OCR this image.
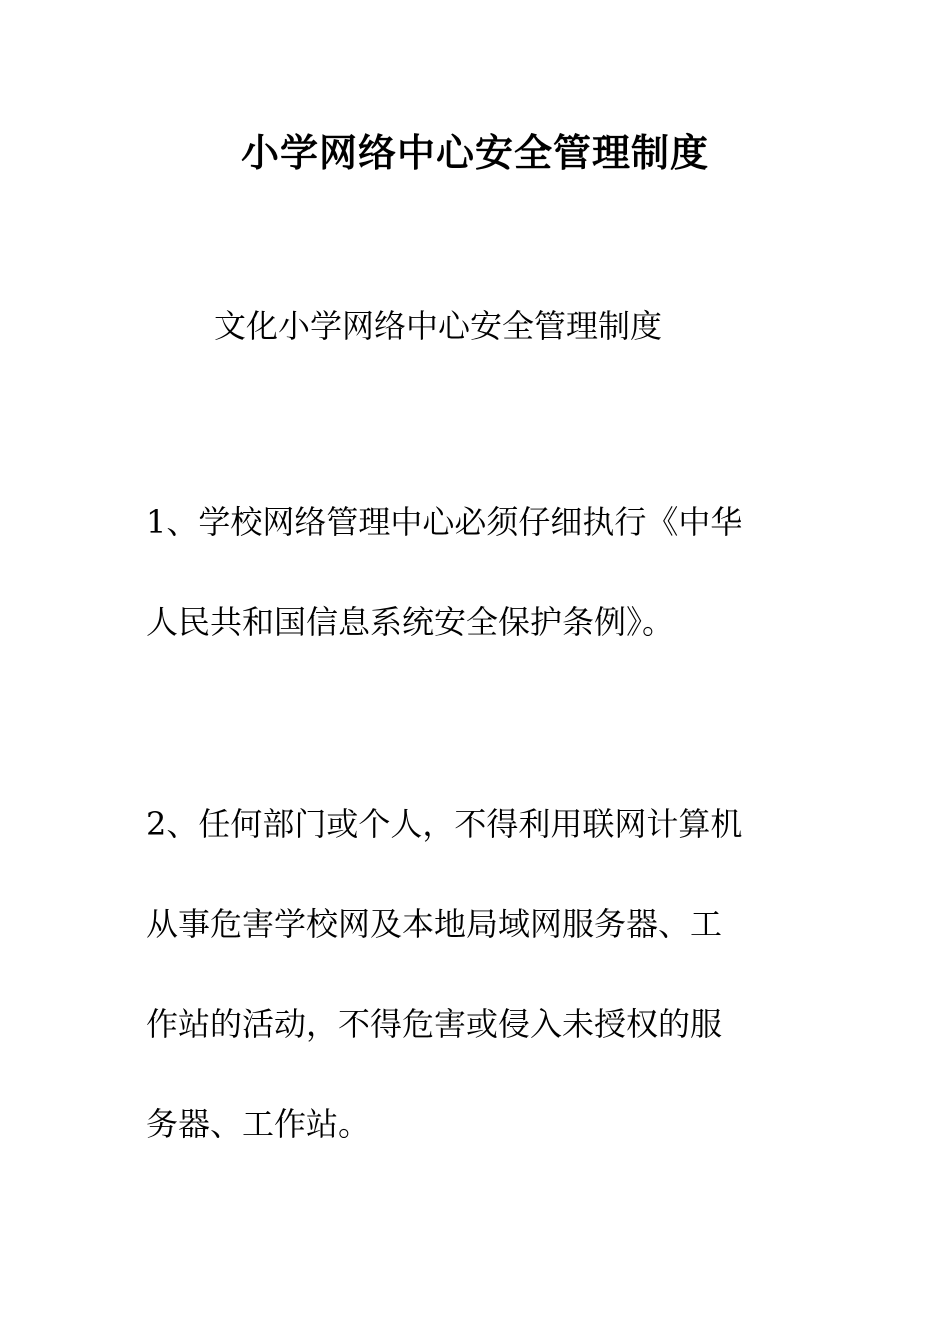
小学网络中心安全管理制度
文化小学网络中心安全管理制度
1、学校网络管理中心必须仔细执行《中华
人民共和国信息系统安全保护条例》。
2、任何部门或个人，不得利用联网计算机
从事危害学校网及本地局域网服务器、工
作站的活动，不得危害或侵入未授权的服
务器、工作站。
